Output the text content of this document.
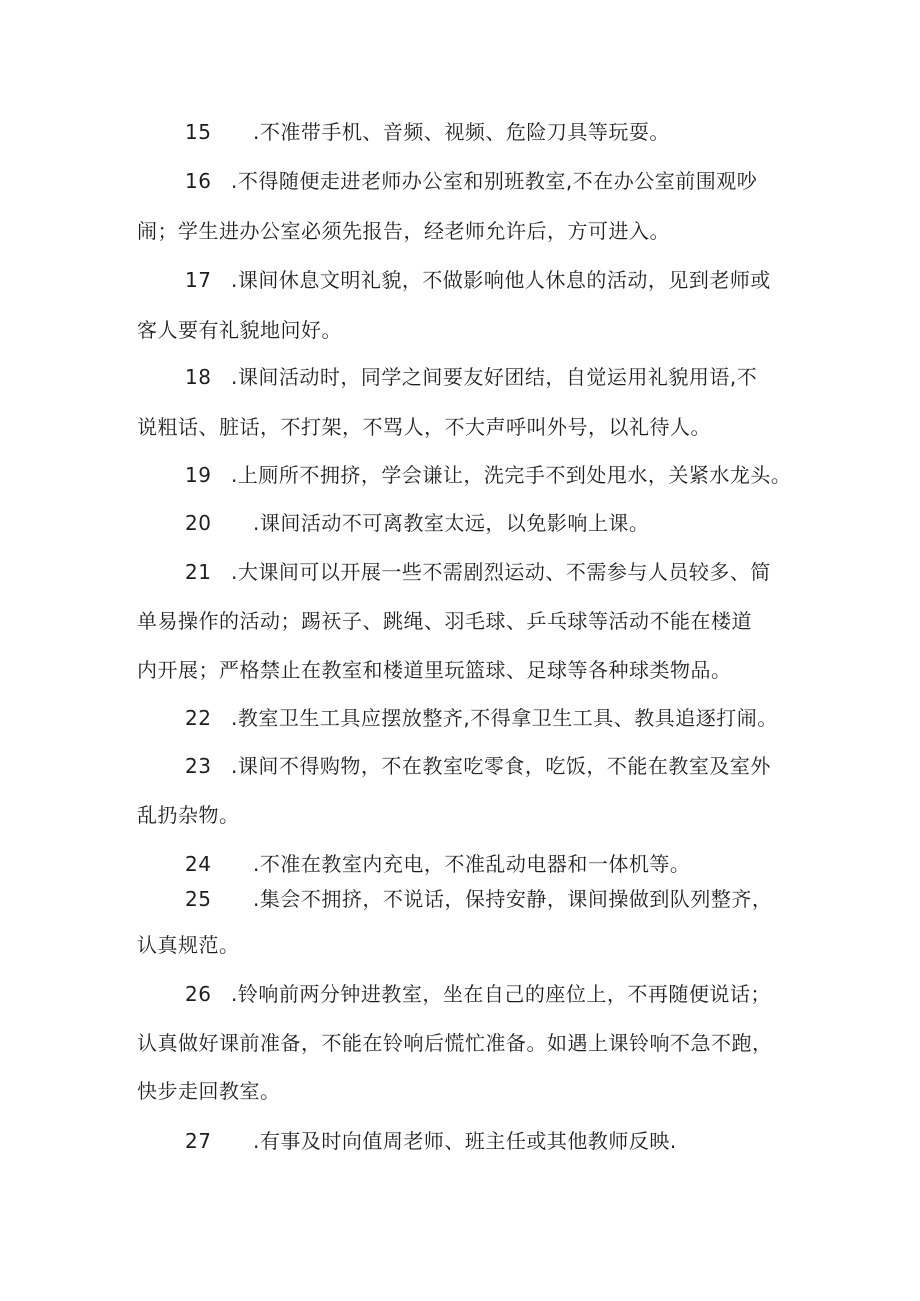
15 .不准带手机、音频、视频、危险刀具等玩耍。
16 .不得随便走进老师办公室和别班教室,不在办公室前围观吵
闹；学生进办公室必须先报告，经老师允许后，方可进入。
17 .课间休息文明礼貌，不做影响他人休息的活动，见到老师或
客人要有礼貌地问好。
18 .课间活动时，同学之间要友好团结，自觉运用礼貌用语,不
说粗话、脏话，不打架，不骂人，不大声呼叫外号，以礼待人。
19 .上厕所不拥挤，学会谦让，洗完手不到处甩水，关紧水龙头。
20 .课间活动不可离教室太远，以免影响上课。
21 .大课间可以开展一些不需剧烈运动、不需参与人员较多、简
单易操作的活动；踢祆子、跳绳、羽毛球、乒乓球等活动不能在楼道
内开展；严格禁止在教室和楼道里玩篮球、足球等各种球类物品。
22 .教室卫生工具应摆放整齐,不得拿卫生工具、教具追逐打闹。
23 .课间不得购物，不在教室吃零食，吃饭，不能在教室及室外
乱扔杂物。
24 .不准在教室内充电，不准乱动电器和一体机等。
25 .集会不拥挤，不说话，保持安静，课间操做到队列整齐，
认真规范。
26 .铃响前两分钟进教室，坐在自己的座位上，不再随便说话；
认真做好课前准备，不能在铃响后慌忙准备。如遇上课铃响不急不跑，
快步走回教室。
27 .有事及时向值周老师、班主任或其他教师反映.
